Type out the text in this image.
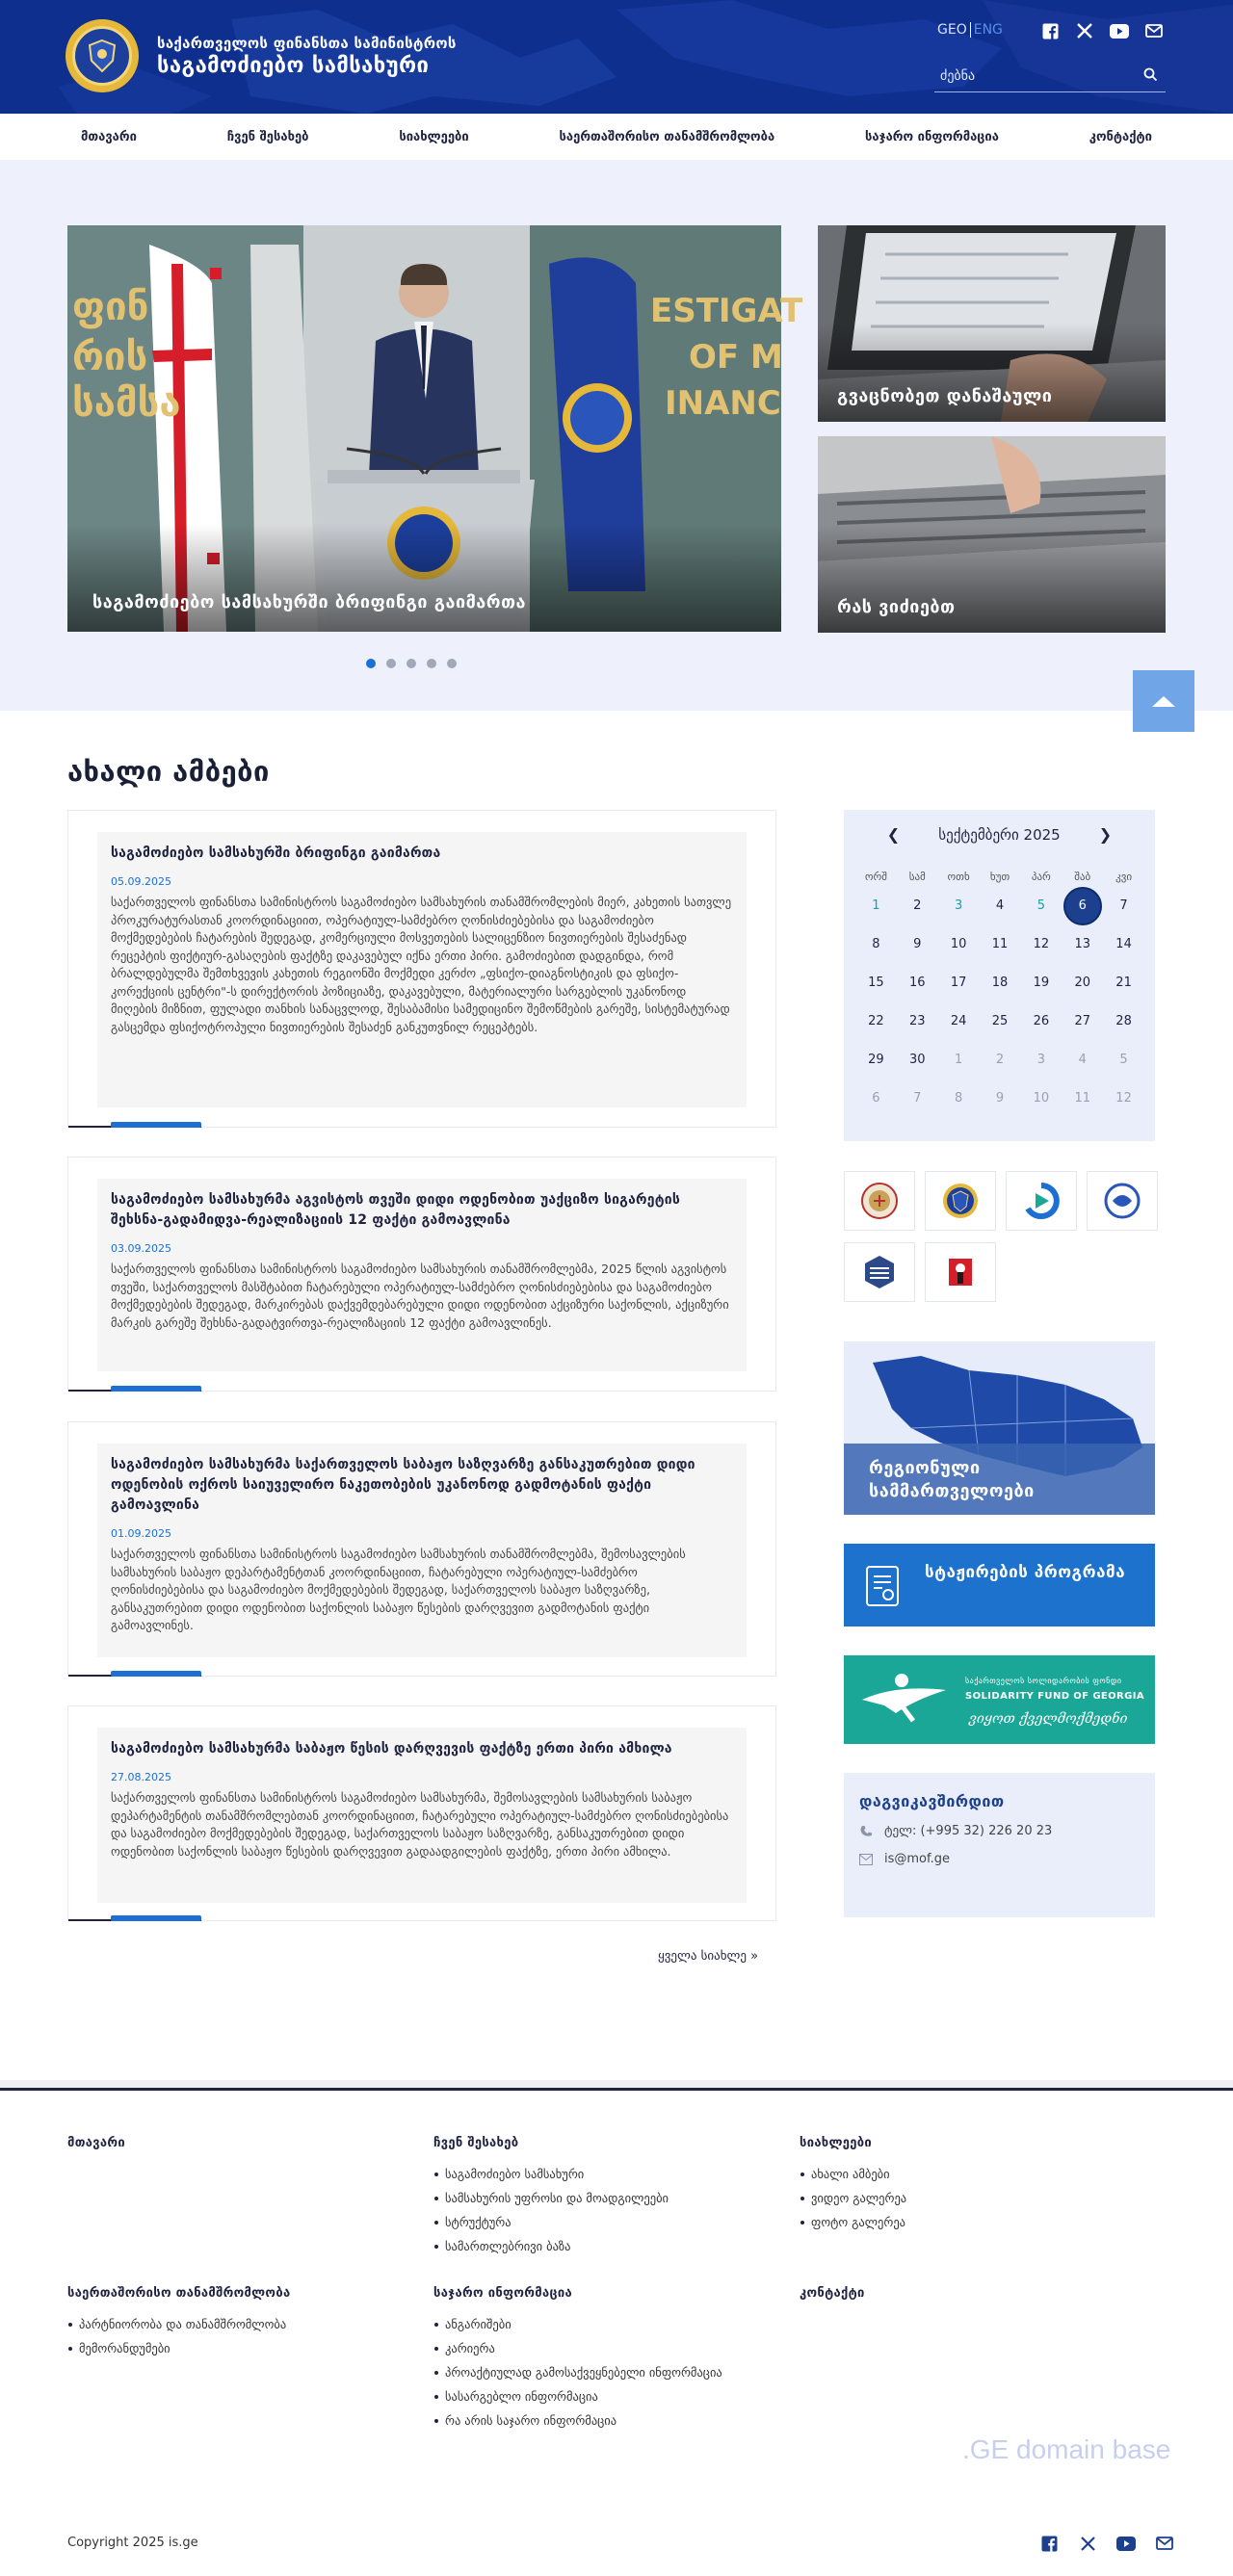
საქართველოს ფინანსთა სამინისტროს
საგამოძიებო სამსახური
GEO ENG
ძებნა
მთავარი	ჩვენ შესახებ	სიახლეები	საერთაშორისო თანამშრომლობა	საჯარო ინფორმაცია	კონტაქტი
ფინ
რის
სამსა
ESTIGAT
OF M
INANC
საგამოძიებო სამსახურში ბრიფინგი გაიმართა
გვაცნობეთ დანაშაული
რას ვიძიებთ
ახალი ამბები
საგამოძიებო სამსახურში ბრიფინგი გაიმართა
05.09.2025
საქართველოს ფინანსთა სამინისტროს საგამოძიებო სამსახურის თანამშრომლების მიერ, კახეთის სათვლე პროკურატურასთან კოორდინაციით, ოპერატიულ-სამძებრო ღონისძიებებისა და საგამოძიებო მოქმედებების ჩატარების შედეგად, კომერციული მოსვეთების სალიცენზიო ნივთიერების შესაძენად რეცეპტის ფიქტიურ-გასაღების ფაქტზე დაკავებულ იქნა ერთი პირი. გამოძიებით დადგინდა, რომ ბრალდებულმა შემთხვევის კახეთის რეგიონში მოქმედი კერძო „ფსიქო-დიაგნოსტიკის და ფსიქო-კორექციის ცენტრი"-ს დირექტორის პოზიციაზე, დაკავებული, მატერიალური სარგებლის უკანონოდ მიღების მიზნით, ფულადი თანხის სანაცვლოდ, შესაბამისი სამედიცინო შემოწმების გარეშე, სისტემატურად გასცემდა ფსიქოტროპული ნივთიერების შესაძენ განკუთვნილ რეცეპტებს.
საგამოძიებო სამსახურმა აგვისტოს თვეში დიდი ოდენობით უაქციზო სიგარეტის შეხსნა-გადამიდვა-რეალიზაციის 12 ფაქტი გამოავლინა
03.09.2025
საქართველოს ფინანსთა სამინისტროს საგამოძიებო სამსახურის თანამშრომლებმა, 2025 წლის აგვისტოს თვეში, საქართველოს მასშტაბით ჩატარებული ოპერატიულ-სამძებრო ღონისძიებებისა და საგამოძიებო მოქმედებების შედეგად, მარკირებას დაქვემდებარებული დიდი ოდენობით აქციზური საქონლის, აქციზური მარკის გარეშე შეხსნა-გადატვირთვა-რეალიზაციის 12 ფაქტი გამოავლინეს.
საგამოძიებო სამსახურმა საქართველოს საბაჟო საზღვარზე განსაკუთრებით დიდი ოდენობის ოქროს საიუველირო ნაკეთობების უკანონოდ გადმოტანის ფაქტი გამოავლინა
01.09.2025
საქართველოს ფინანსთა სამინისტროს საგამოძიებო სამსახურის თანამშრომლებმა, შემოსავლების სამსახურის საბაჟო დეპარტამენტთან კოორდინაციით, ჩატარებული ოპერატიულ-სამძებრო ღონისძიებებისა და საგამოძიებო მოქმედებების შედეგად, საქართველოს საბაჟო საზღვარზე, განსაკუთრებით დიდი ოდენობით საქონლის საბაჟო წესების დარღვევით გადმოტანის ფაქტი გამოავლინეს.
საგამოძიებო სამსახურმა საბაჟო წესის დარღვევის ფაქტზე ერთი პირი ამხილა
27.08.2025
საქართველოს ფინანსთა სამინისტროს საგამოძიებო სამსახურმა, შემოსავლების სამსახურის საბაჟო დეპარტამენტის თანამშრომლებთან კოორდინაციით, ჩატარებული ოპერატიულ-სამძებრო ღონისძიებებისა და საგამოძიებო მოქმედებების შედეგად, საქართველოს საბაჟო საზღვარზე, განსაკუთრებით დიდი ოდენობით საქონლის საბაჟო წესების დარღვევით გადაადგილების ფაქტზე, ერთი პირი ამხილა.
ყველა სიახლე »
❮	სექტემბერი 2025	❯
ორშ	სამ	ოთხ	ხუთ	პარ	შაბ	კვი
1	2	3	4	5	6	7
8	9 10 11 12 13 14
15 16 17 18 19 20 21
22 23 24 25 26 27 28
29 30 1	2	3	4	5
6	7	8	9 10 11 12
რეგიონული სამმართველოები
სტაჟირების პროგრამა
საქართველოს სოლიდარობის ფონდი
SOLIDARITY FUND OF GEORGIA
ვიყოთ ქველმოქმედნი
დაგვიკავშირდით
ტელ: (+995 32) 226 20 23
is@mof.ge
მთავარი	ჩვენ შესახებ
საგამოძიებო სამსახური
სამსახურის უფროსი და მოადგილეები
სტრუქტურა
სამართლებრივი ბაზა
სიახლეები
ახალი ამბები
ვიდეო გალერეა
ფოტო გალერეა
საერთაშორისო თანამშრომლობა
პარტნიორობა და თანამშრომლობა
მემორანდუმები
საჯარო ინფორმაცია
ანგარიშები
კარიერა
პროაქტიულად გამოსაქვეყნებელი ინფორმაცია
სასარგებლო ინფორმაცია
რა არის საჯარო ინფორმაცია
კონტაქტი
.GE domain base
Copyright 2025 is.ge
